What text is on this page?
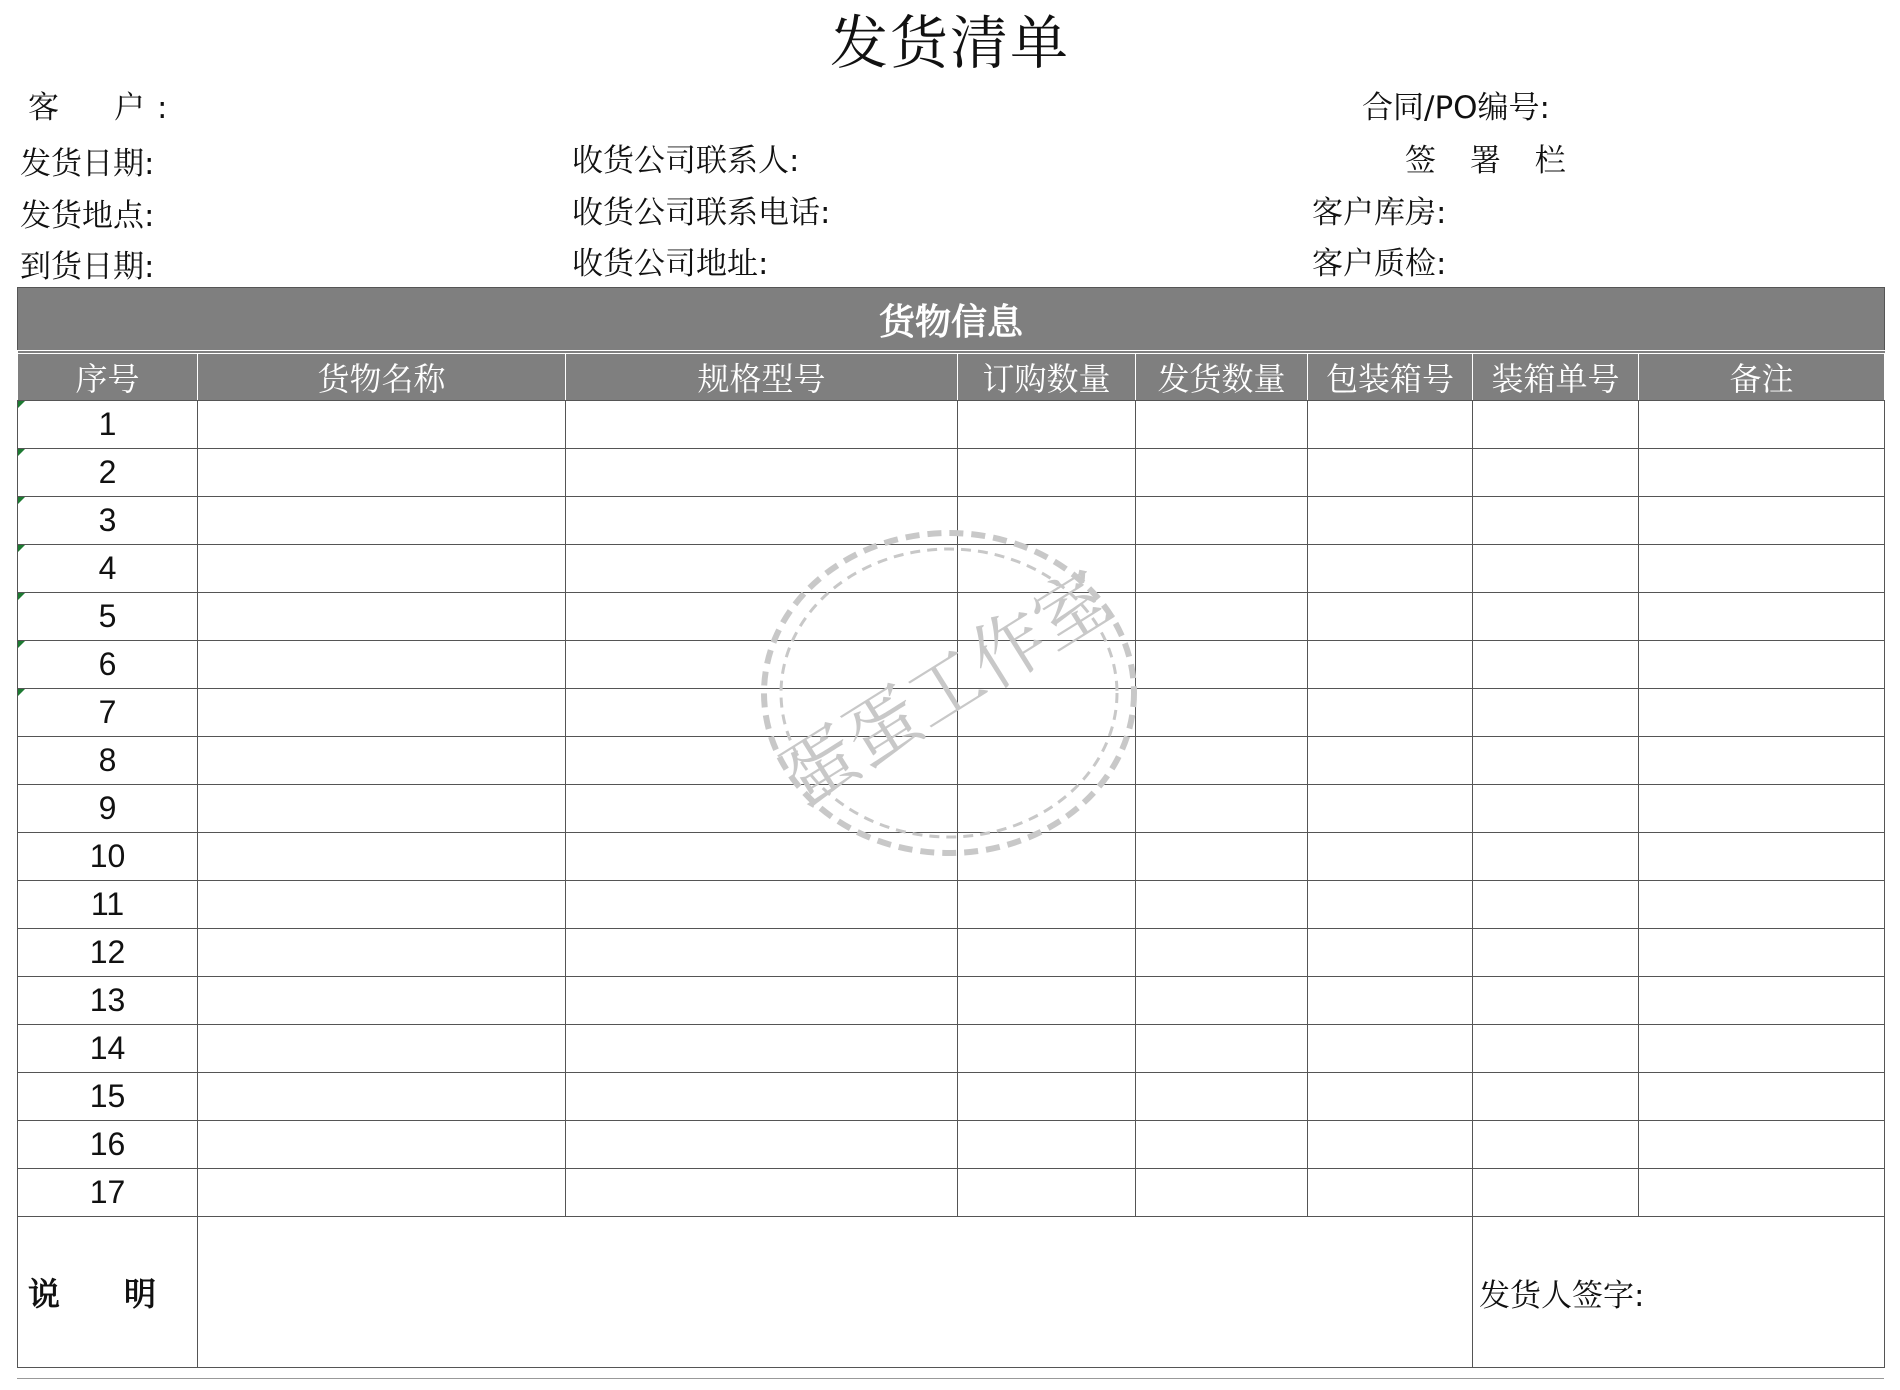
发货清单
客　户:	合同/PO编号:
发货日期:	收货公司联系人:	签 署 栏
发货地点:	收货公司联系电话:	客户库房:
到货日期:	收货公司地址:	客户质检:
货物信息							
序号	货物名称	规格型号	订购数量	发货数量	包装箱号	装箱单号	备注
1							
2							
3							
4							
5							
6							
7							
8							
9							
10							
11							
12							
13							
14							
15							
16							
17							

说　　明						发货人签字:	
蛋蛋工作室
